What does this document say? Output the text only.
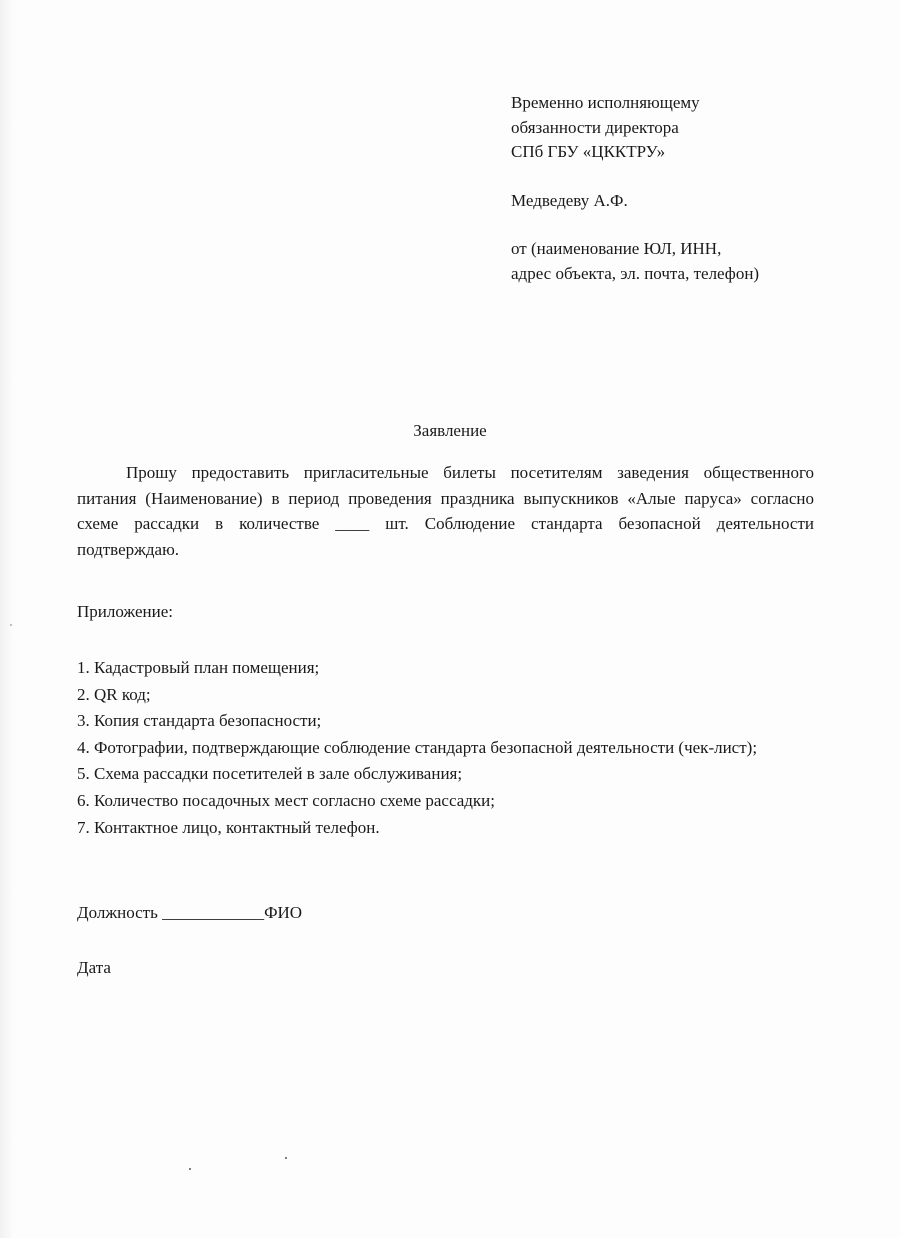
Временно исполняющему
обязанности директора
СПб ГБУ «ЦККТРУ»
Медведеву А.Ф.
от (наименование ЮЛ, ИНН,
адрес объекта, эл. почта, телефон)
Заявление
Прошу предоставить пригласительные билеты посетителям заведения общественного питания (Наименование) в период проведения праздника выпускников «Алые паруса» согласно схеме рассадки в количестве ____ шт. Соблюдение стандарта безопасной деятельности подтверждаю.
Приложение:
1. Кадастровый план помещения;
2. QR код;
3. Копия стандарта безопасности;
4. Фотографии, подтверждающие соблюдение стандарта безопасной деятельности (чек-лист);
5. Схема рассадки посетителей в зале обслуживания;
6. Количество посадочных мест согласно схеме рассадки;
7. Контактное лицо, контактный телефон.
Должность ____________ФИО
Дата
